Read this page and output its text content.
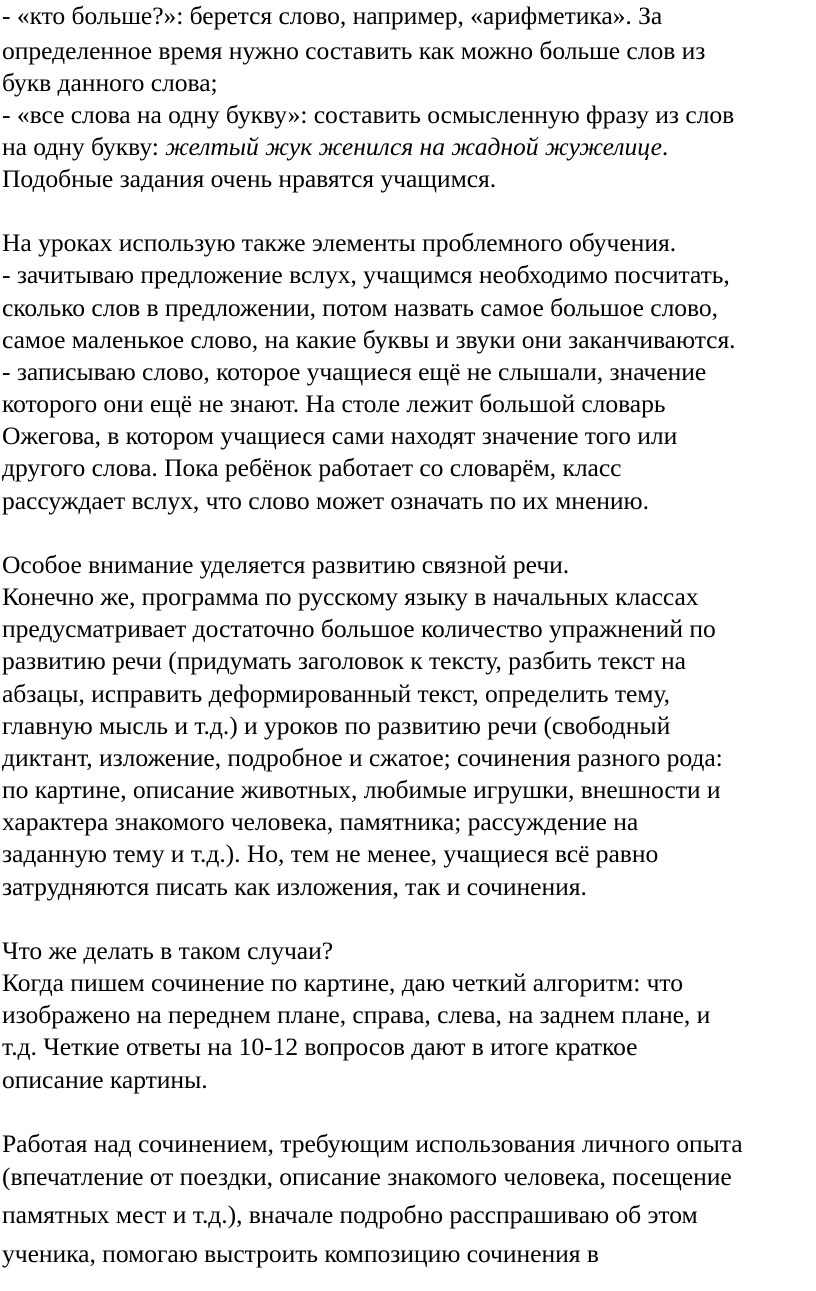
- «кто больше?»: берется слово, например, «арифметика». За
определенное время нужно составить как можно больше слов из
букв данного слова;
- «все слова на одну букву»: составить осмысленную фразу из слов
на одну букву: желтый жук женился на жадной жужелице.
Подобные задания очень нравятся учащимся.
На уроках использую также элементы проблемного обучения.
- зачитываю предложение вслух, учащимся необходимо посчитать,
сколько слов в предложении, потом назвать самое большое слово,
самое маленькое слово, на какие буквы и звуки они заканчиваются.
- записываю слово, которое учащиеся ещё не слышали, значение
которого они ещё не знают. На столе лежит большой словарь
Ожегова, в котором учащиеся сами находят значение того или
другого слова. Пока ребёнок работает со словарём, класс
рассуждает вслух, что слово может означать по их мнению.
Особое внимание уделяется развитию связной речи.
Конечно же, программа по русскому языку в начальных классах
предусматривает достаточно большое количество упражнений по
развитию речи (придумать заголовок к тексту, разбить текст на
абзацы, исправить деформированный текст, определить тему,
главную мысль и т.д.) и уроков по развитию речи (свободный
диктант, изложение, подробное и сжатое; сочинения разного рода:
по картине, описание животных, любимые игрушки, внешности и
характера знакомого человека, памятника; рассуждение на
заданную тему и т.д.). Но, тем не менее, учащиеся всё равно
затрудняются писать как изложения, так и сочинения.
Что же делать в таком случаи?
Когда пишем сочинение по картине, даю четкий алгоритм: что
изображено на переднем плане, справа, слева, на заднем плане, и
т.д. Четкие ответы на 10-12 вопросов дают в итоге краткое
описание картины.
Работая над сочинением, требующим использования личного опыта
(впечатление от поездки, описание знакомого человека, посещение
памятных мест и т.д.), вначале подробно расспрашиваю об этом
ученика, помогаю выстроить композицию сочинения в
